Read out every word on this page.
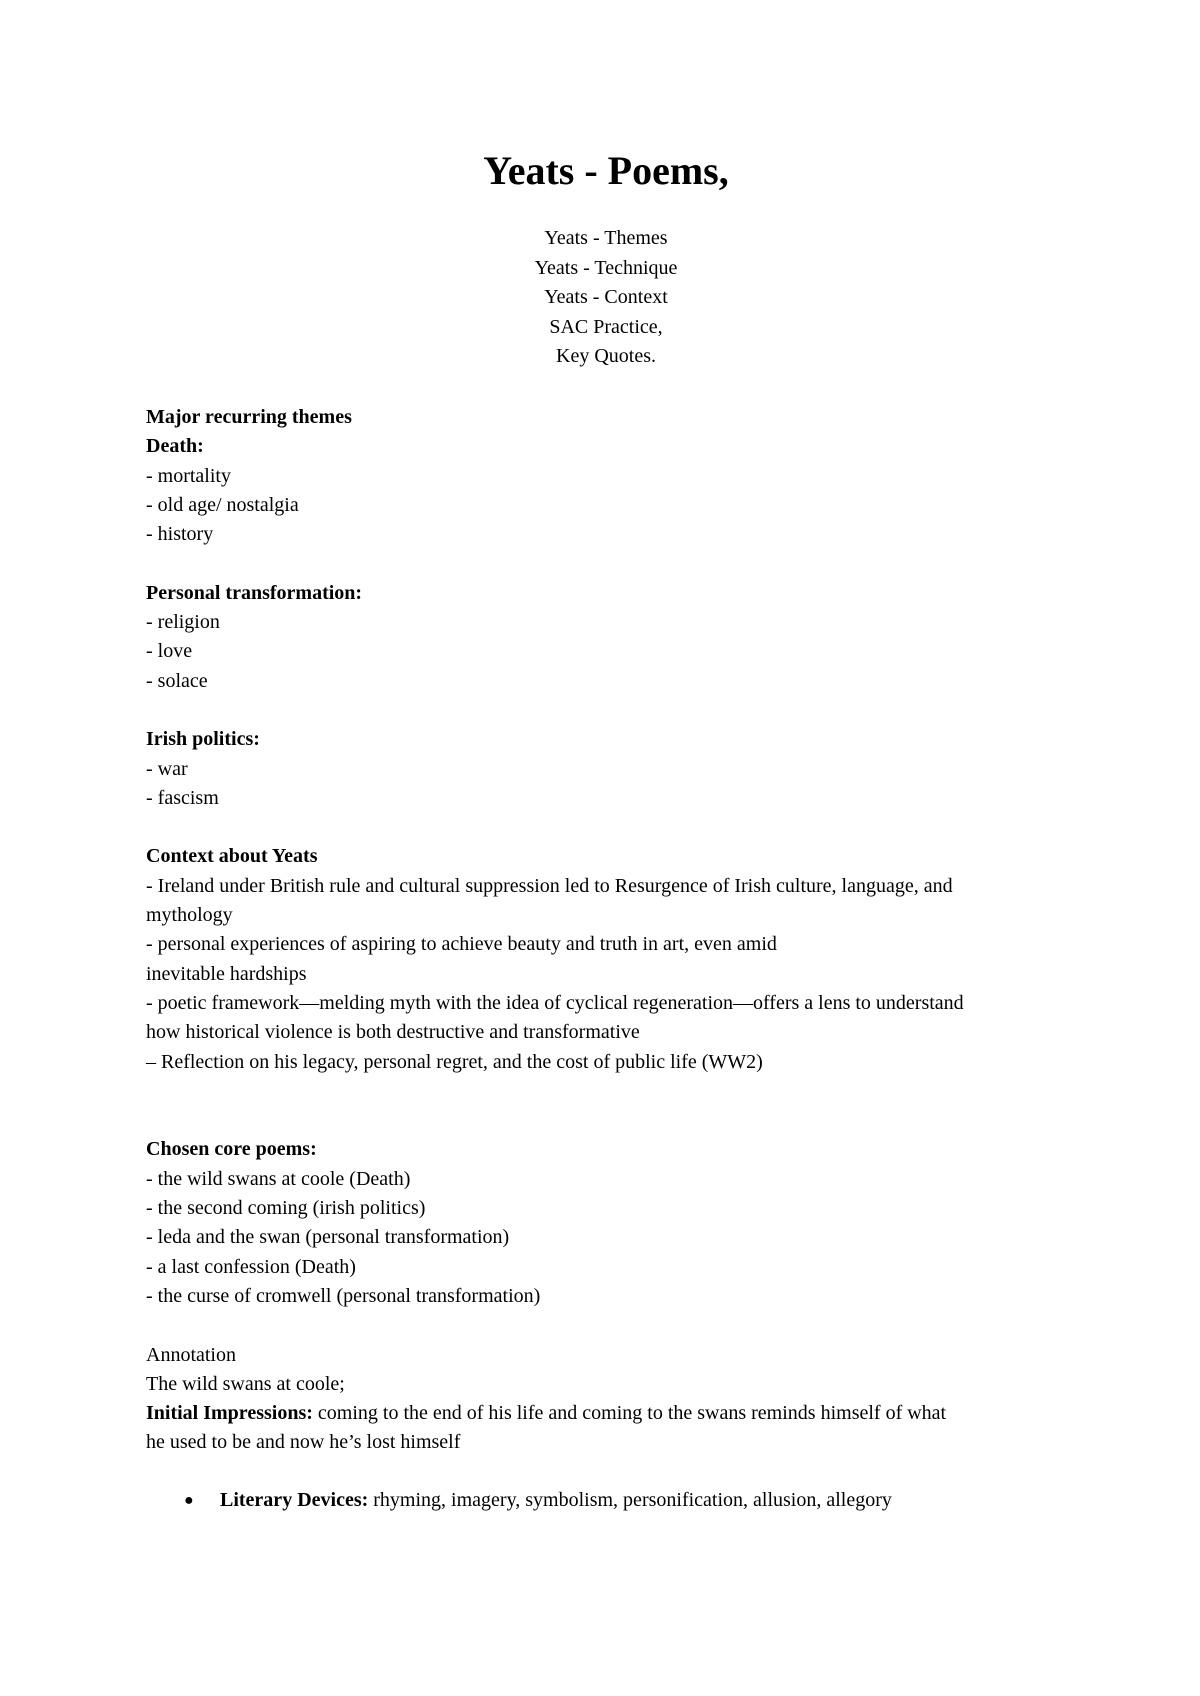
Yeats - Poems,
Yeats - Themes
Yeats - Technique
Yeats - Context
SAC Practice,
Key Quotes.
Major recurring themes
Death:
- mortality
- old age/ nostalgia
- history
Personal transformation:
- religion
- love
- solace
Irish politics:
- war
- fascism
Context about Yeats
- Ireland under British rule and cultural suppression led to Resurgence of Irish culture, language, and
mythology
- personal experiences of aspiring to achieve beauty and truth in art, even amid
inevitable hardships
- poetic framework—melding myth with the idea of cyclical regeneration—offers a lens to understand
how historical violence is both destructive and transformative
– Reflection on his legacy, personal regret, and the cost of public life (WW2)
Chosen core poems:
- the wild swans at coole (Death)
- the second coming (irish politics)
- leda and the swan (personal transformation)
- a last confession (Death)
- the curse of cromwell (personal transformation)
Annotation
The wild swans at coole;
Initial Impressions: coming to the end of his life and coming to the swans reminds himself of what
he used to be and now he’s lost himself
● Literary Devices: rhyming, imagery, symbolism, personification, allusion, allegory
